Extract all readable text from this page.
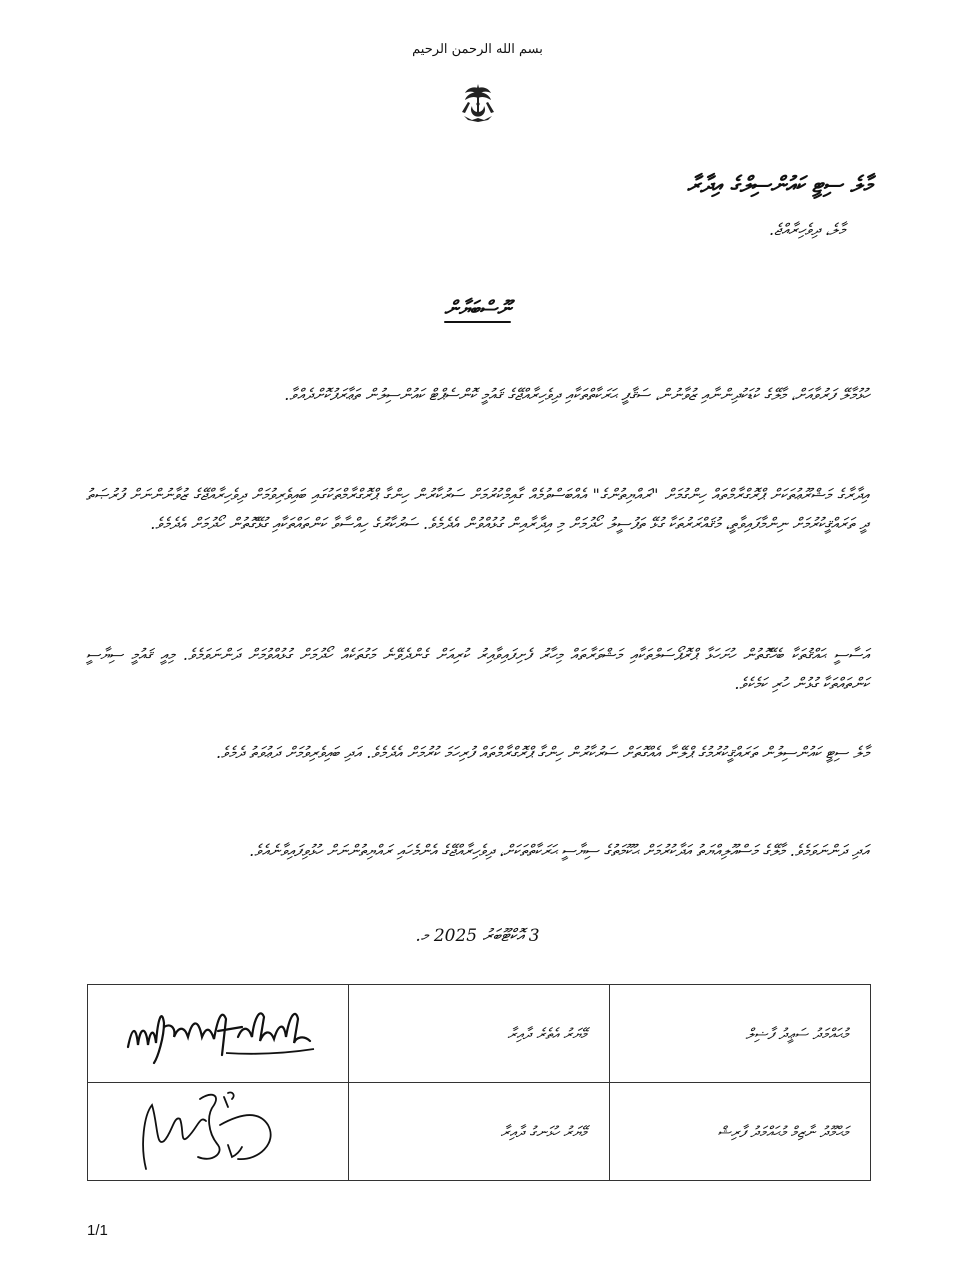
بسم الله الرحمن الرحيم
މާލެ ސިޓީ ކައުންސިލްގެ އިދާރާ
މާލެ، ދިވެހިރާއްޖެ.
ނޫސްބަޔާން
ހުޅުމާލޭ ފަރުވާއަށް، މާލޭގެ ކުޑަކުދިންނާއި ޒުވާނުން، ސަޤާފީ ޙަރަކާތްތަކާއި ދިވެހިރާއްޖޭގެ ޤައުމީ ކޮންސެޕްޓް ކައުންސިލުން ތަޢާރަފުކޮށްދެއްވާ.
އިދާރާގެ މަޝްރޫޢުތަކަށް ޕްރޮގްރާމްތައް ހިންގުމަށް "ރައްޔިތުންގެ" އެއްބަސްވުމެއް ގާއިމްކުރުމަށް ސަރުކާރުން ހިންގާ ޕްރޮގްރާމްތަކުގައި ބައިވެރިވުމަށް ދިވެހިރާއްޖޭގެ ޒުވާނުންނަށް ފުރުޞަތު ދީ ތަރައްޤީކުރުމަށް ނިންމާފައިވާތީ، މުޤައްރަރުތަކާ ގުޅޭ ތަފުސީލު ހޯދުމަށް މި އިދާރާއިން ގުޅުއްވުން އެދެމެވެ. ސަރުކާރުގެ ހިއްސާވާ ކަންތައްތަކާއި ގުޅޭގޮތުން ހޯދުމަށް އެދެމެވެ.
އަސާސީ ޙައްޤުތަކާ ބެހޭގޮތުން ހުށަހަޅާ ޕްރޮޕޯސަލްތަކާއި މަޝްވަރާތައް މިހާރު ފެށިފައިވާއިރު ކުރިއަށް ގެންދެވޭނެ މަގުތަކެއް ހޯދުމަށް ގުޅުއްވުމަށް ދަންނަވަމެވެ. މިއީ ޤައުމީ ސިޔާސީ ކަންތައްތަކާ ގުޅުން ހުރި ކަމެކެވެ.
މާލެ ސިޓީ ކައުންސިލުން ތަރައްޤީކުރުމުގެ ޕްލޭނާ އެއްގޮތަށް ސަރުކާރުން ހިންގާ ޕްރޮގްރާމްތައް ފުރިހަމަ ކުރުމަށް އެދެމެވެ. އަދި ބައިވެރިވުމަށް ދަޢުވަތު ދެމެވެ.
އަދި ދަންނަވަމެވެ. މާލޭގެ މަސްއޫލިއްޔަތު އަދާކުރުމަށް ޙުކޫމަތުގެ ސިޔާސީ ޙަރަކާތްތަކަށް، ދިވެހިރާއްޖޭގެ އެންމެހައި ރައްޔިތުންނަށް ހުޅުވިފައިވާނެއެވެ.
3 އޮކްޓޫބަރު 2025 މ.
	މޭޔަރު އެތެރެ ދާއިރާ	މުޙައްމަދު ސަޢީދު ފާޟިލް
	މޭޔަރު ހުޅަނގު ދާއިރާ	މަޙްމޫދު ނާޒިމް މުޙައްމަދު ފާރިޝް
1/1
